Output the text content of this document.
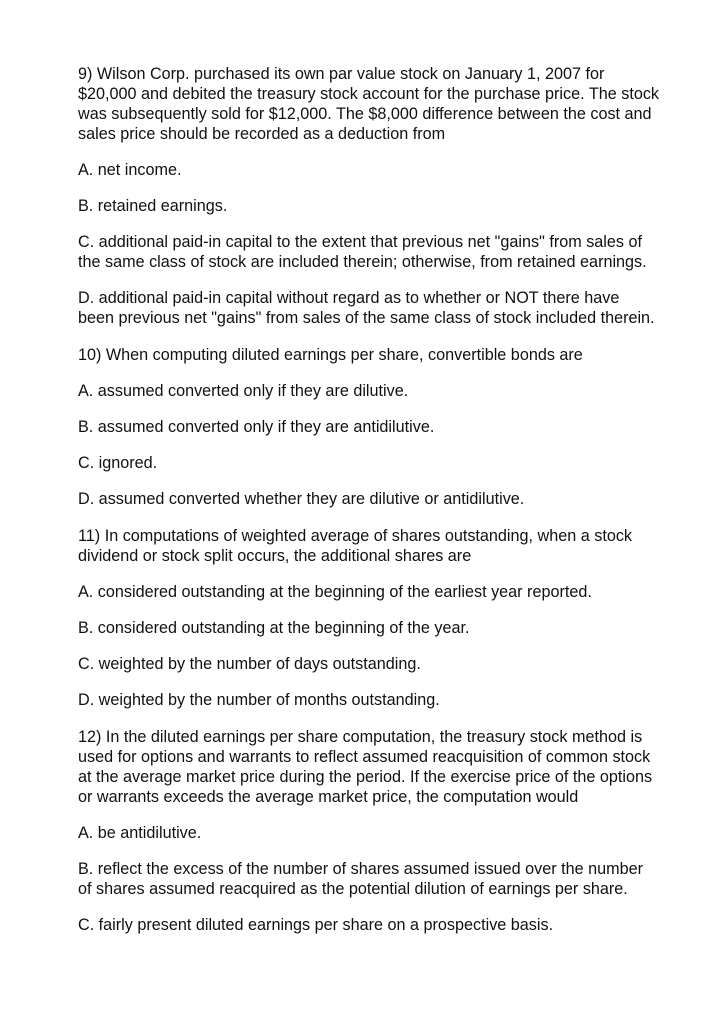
9) Wilson Corp. purchased its own par value stock on January 1, 2007 for
$20,000 and debited the treasury stock account for the purchase price. The stock
was subsequently sold for $12,000. The $8,000 difference between the cost and
sales price should be recorded as a deduction from
A. net income.
B. retained earnings.
C. additional paid-in capital to the extent that previous net "gains" from sales of
the same class of stock are included therein; otherwise, from retained earnings.
D. additional paid-in capital without regard as to whether or NOT there have
been previous net "gains" from sales of the same class of stock included therein.
10) When computing diluted earnings per share, convertible bonds are
A. assumed converted only if they are dilutive.
B. assumed converted only if they are antidilutive.
C. ignored.
D. assumed converted whether they are dilutive or antidilutive.
11) In computations of weighted average of shares outstanding, when a stock
dividend or stock split occurs, the additional shares are
A. considered outstanding at the beginning of the earliest year reported.
B. considered outstanding at the beginning of the year.
C. weighted by the number of days outstanding.
D. weighted by the number of months outstanding.
12) In the diluted earnings per share computation, the treasury stock method is
used for options and warrants to reflect assumed reacquisition of common stock
at the average market price during the period. If the exercise price of the options
or warrants exceeds the average market price, the computation would
A. be antidilutive.
B. reflect the excess of the number of shares assumed issued over the number
of shares assumed reacquired as the potential dilution of earnings per share.
C. fairly present diluted earnings per share on a prospective basis.
